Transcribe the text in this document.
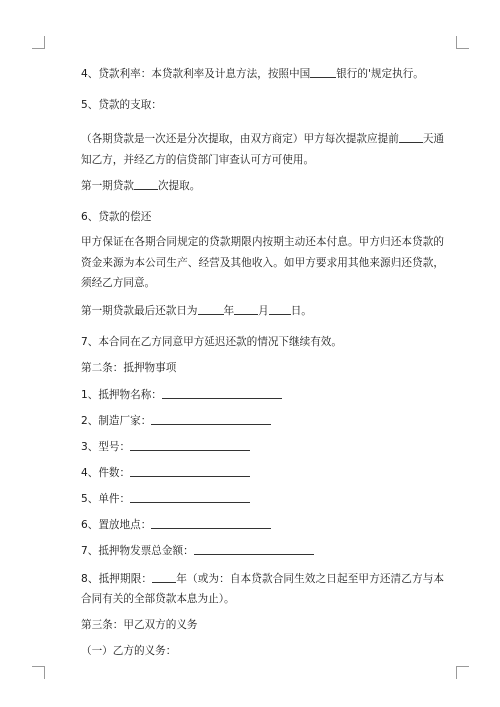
4、贷款利率：本贷款利率及计息方法，按照中国 银行的'规定执行。

5、贷款的支取：

（各期贷款是一次还是分次提取，由双方商定）甲方每次提款应提前 天通知乙方，并经乙方的信贷部门审查认可方可使用。

第一期贷款 次提取。

6、贷款的偿还

甲方保证在各期合同规定的贷款期限内按期主动还本付息。甲方归还本贷款的资金来源为本公司生产、经营及其他收入。如甲方要求用其他来源归还贷款，须经乙方同意。

第一期贷款最后还款日为 年 月 日。

7、本合同在乙方同意甲方延迟还款的情况下继续有效。

第二条：抵押物事项

1、抵押物名称：

2、制造厂家：

3、型号：

4、件数：

5、单件：

6、置放地点：

7、抵押物发票总金额：

8、抵押期限： 年（或为：自本贷款合同生效之日起至甲方还清乙方与本合同有关的全部贷款本息为止）。

第三条：甲乙双方的义务

（一）乙方的义务：
